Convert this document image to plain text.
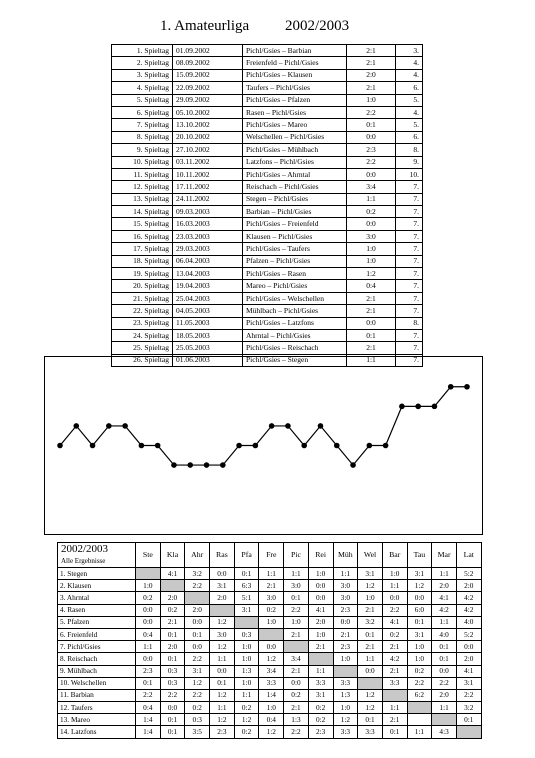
1. Amateurliga 2002/2003
1. Spieltag	01.09.2002	Pichl/Gsies – Barbian	2:1	3.
2. Spieltag	08.09.2002	Freienfeld – Pichl/Gsies	2:1	4.
3. Spieltag	15.09.2002	Pichl/Gsies – Klausen	2:0	4.
4. Spieltag	22.09.2002	Taufers – Pichl/Gsies	2:1	6.
5. Spieltag	29.09.2002	Pichl/Gsies – Pfalzen	1:0	5.
6. Spieltag	05.10.2002	Rasen – Pichl/Gsies	2:2	4.
7. Spieltag	13.10.2002	Pichl/Gsies – Mareo	0:1	5.
8. Spieltag	20.10.2002	Welschellen – Pichl/Gsies	0:0	6.
9. Spieltag	27.10.2002	Pichl/Gsies – Mühlbach	2:3	8.
10. Spieltag	03.11.2002	Latzfons – Pichl/Gsies	2:2	9.
11. Spieltag	10.11.2002	Pichl/Gsies – Ahrntal	0:0	10.
12. Spieltag	17.11.2002	Reischach – Pichl/Gsies	3:4	7.
13. Spieltag	24.11.2002	Stegen – Pichl/Gsies	1:1	7.
14. Spieltag	09.03.2003	Barbian – Pichl/Gsies	0:2	7.
15. Spieltag	16.03.2003	Pichl/Gsies – Freienfeld	0:0	7.
16. Spieltag	23.03.2003	Klausen – Pichl/Gsies	3:0	7.
17. Spieltag	29.03.2003	Pichl/Gsies – Taufers	1:0	7.
18. Spieltag	06.04.2003	Pfalzen – Pichl/Gsies	1:0	7.
19. Spieltag	13.04.2003	Pichl/Gsies – Rasen	1:2	7.
20. Spieltag	19.04.2003	Mareo – Pichl/Gsies	0:4	7.
21. Spieltag	25.04.2003	Pichl/Gsies – Welschellen	2:1	7.
22. Spieltag	04.05.2003	Mühlbach – Pichl/Gsies	2:1	7.
23. Spieltag	11.05.2003	Pichl/Gsies – Latzfons	0:0	8.
24. Spieltag	18.05.2003	Ahrntal – Pichl/Gsies	0:1	7.
25. Spieltag	25.05.2003	Pichl/Gsies – Reischach	2:1	7.
26. Spieltag	01.06.2003	Pichl/Gsies – Stegen	1:1	7.
2002/2003
Alle Ergebnisse	Ste	Kla	Ahr	Ras	Pfa	Fre	Pic	Rei	Müh	Wel	Bar	Tau	Mar	Lat
1. Stegen		4:1	3:2	0:0	0:1	1:1	1:1	1:0	1:1	3:1	1:0	3:1	1:1	5:2
2. Klausen	1:0		2:2	3:1	6:3	2:1	3:0	0:0	3:0	1:2	1:1	1:2	2:0	2:0
3. Ahrntal	0:2	2:0		2:0	5:1	3:0	0:1	0:0	3:0	1:0	0:0	0:0	4:1	4:2
4. Rasen	0:0	0:2	2:0		3:1	0:2	2:2	4:1	2:3	2:1	2:2	6:0	4:2	4:2
5. Pfalzen	0:0	2:1	0:0	1:2		1:0	1:0	2:0	0:0	3:2	4:1	0:1	1:1	4:0
6. Freienfeld	0:4	0:1	0:1	3:0	0:3		2:1	1:0	2:1	0:1	0:2	3:1	4:0	5:2
7. Pichl/Gsies	1:1	2:0	0:0	1:2	1:0	0:0		2:1	2:3	2:1	2:1	1:0	0:1	0:0
8. Reischach	0:0	0:1	2:2	1:1	1:0	1:2	3:4		1:0	1:1	4:2	1:0	0:1	2:0
9. Mühlbach	2:3	0:3	3:1	0:0	1:3	3:4	2:1	1:1		0:0	2:1	0:2	0:0	4:1
10. Welschellen	0:1	0:3	1:2	0:1	1:0	3:3	0:0	3:3	3:3		3:3	2:2	2:2	3:1
11. Barbian	2:2	2:2	2:2	1:2	1:1	1:4	0:2	3:1	1:3	1:2		6:2	2:0	2:2
12. Taufers	0:4	0:0	0:2	1:1	0:2	1:0	2:1	0:2	1:0	1:2	1:1		1:1	3:2
13. Mareo	1:4	0:1	0:3	1:2	1:2	0:4	1:3	0:2	1:2	0:1	2:1			0:1
14. Latzfons	1:4	0:1	3:5	2:3	0:2	1:2	2:2	2:3	3:3	3:3	0:1	1:1	4:3	
